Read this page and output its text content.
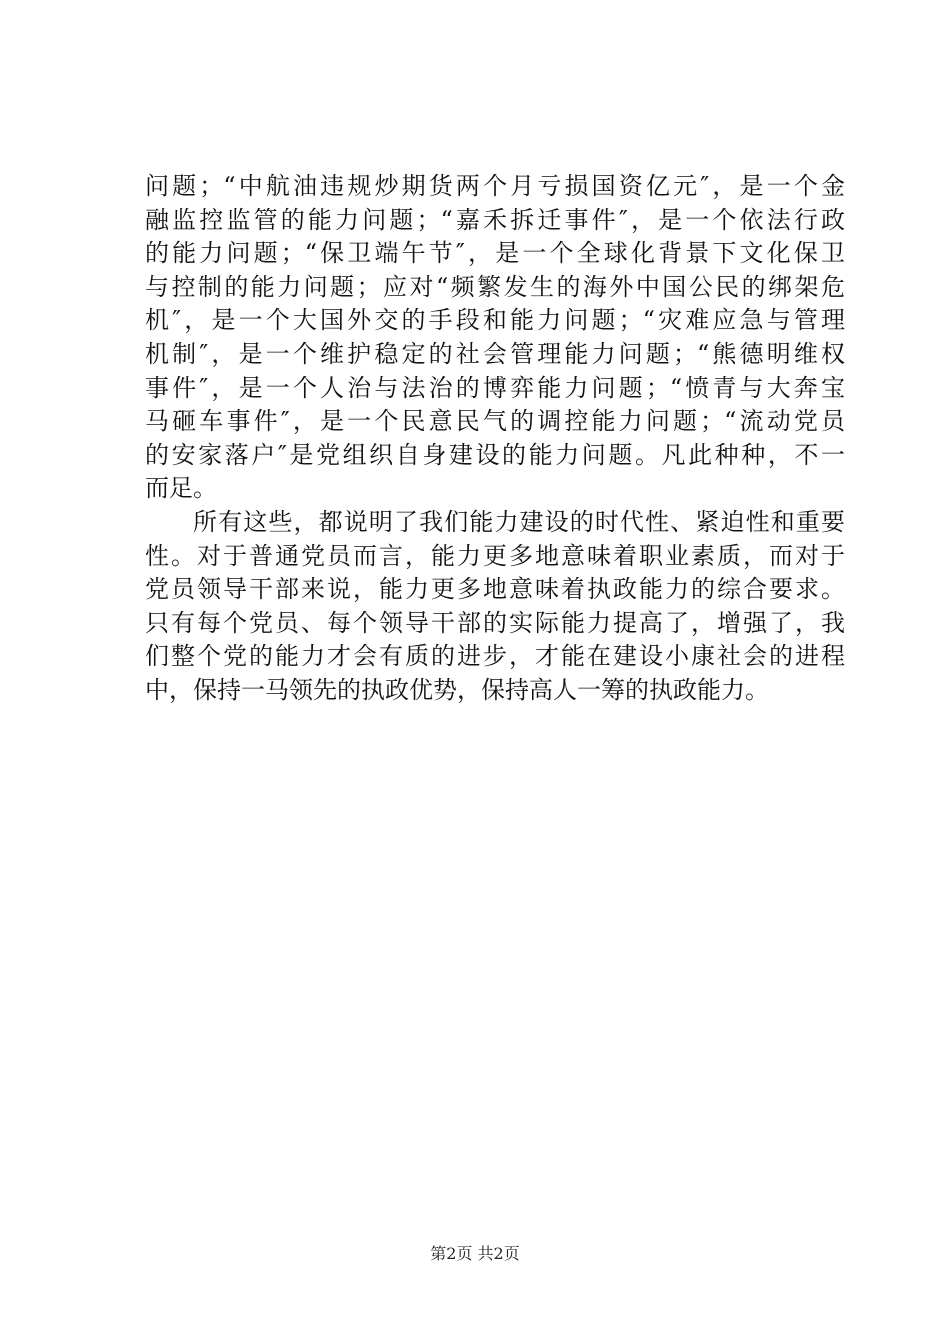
问题；“中航油违规炒期货两个月亏损国资亿元″，是一个金
融监控监管的能力问题；“嘉禾拆迁事件″，是一个依法行政
的能力问题；“保卫端午节″，是一个全球化背景下文化保卫
与控制的能力问题；应对“频繁发生的海外中国公民的绑架危
机″，是一个大国外交的手段和能力问题；“灾难应急与管理
机制″，是一个维护稳定的社会管理能力问题；“熊德明维权
事件″，是一个人治与法治的博弈能力问题；“愤青与大奔宝
马砸车事件″，是一个民意民气的调控能力问题；“流动党员
的安家落户″是党组织自身建设的能力问题。凡此种种，不一
而足。
所有这些，都说明了我们能力建设的时代性、紧迫性和重要
性。对于普通党员而言，能力更多地意味着职业素质，而对于
党员领导干部来说，能力更多地意味着执政能力的综合要求。
只有每个党员、每个领导干部的实际能力提高了，增强了，我
们整个党的能力才会有质的进步，才能在建设小康社会的进程
中，保持一马领先的执政优势，保持高人一筹的执政能力。
第2页 共2页
